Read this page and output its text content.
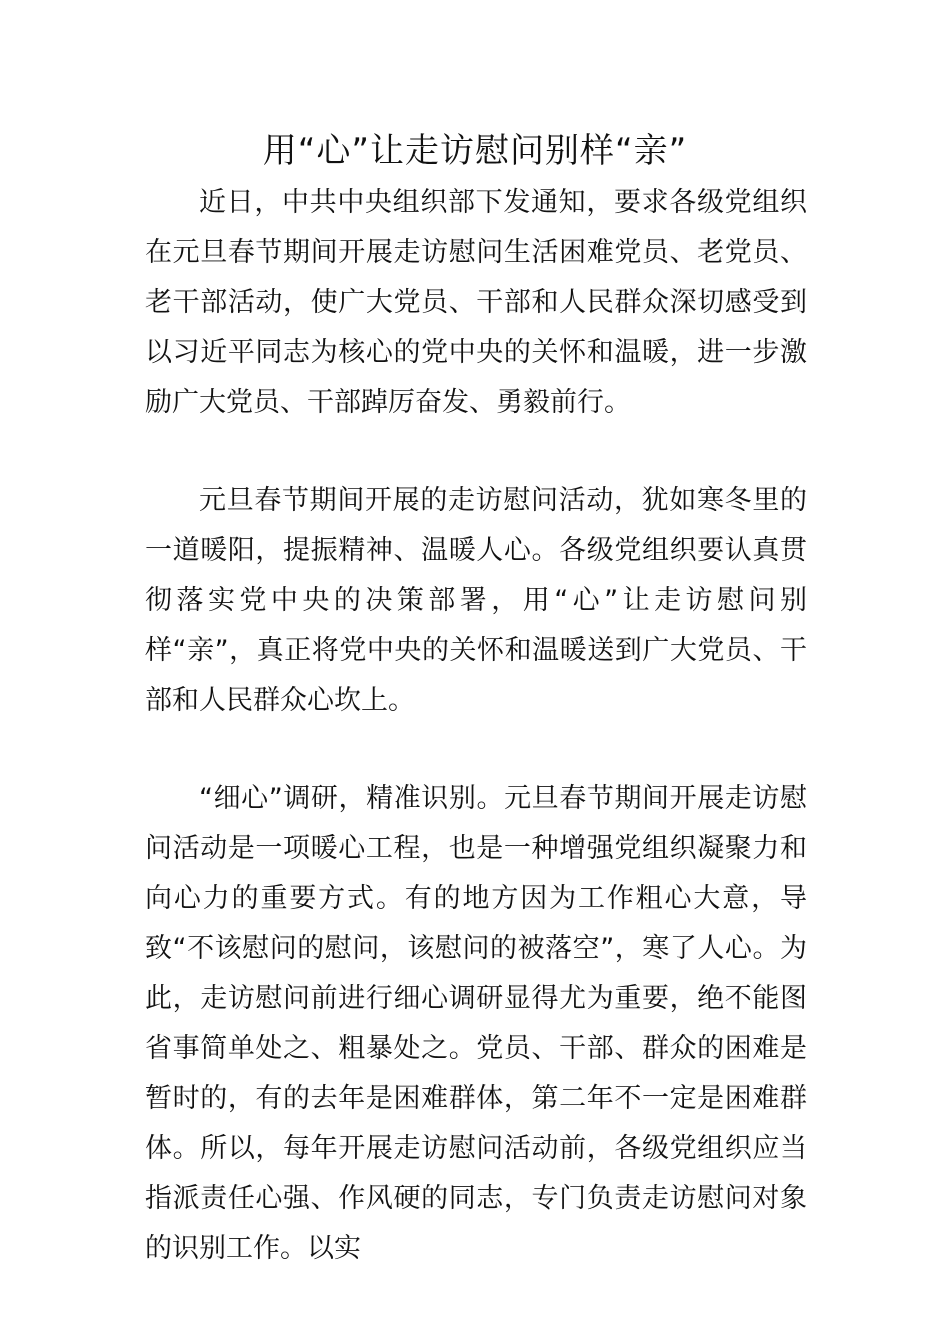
用“心”让走访慰问别样“亲”

近日，中共中央组织部下发通知，要求各级党组织在元旦春节期间开展走访慰问生活困难党员、老党员、老干部活动，使广大党员、干部和人民群众深切感受到以习近平同志为核心的党中央的关怀和温暖，进一步激励广大党员、干部踔厉奋发、勇毅前行。

元旦春节期间开展的走访慰问活动，犹如寒冬里的一道暖阳，提振精神、温暖人心。各级党组织要认真贯彻落实党中央的决策部署，用“心”让走访慰问别样“亲”，真正将党中央的关怀和温暖送到广大党员、干部和人民群众心坎上。

“细心”调研，精准识别。元旦春节期间开展走访慰问活动是一项暖心工程，也是一种增强党组织凝聚力和向心力的重要方式。有的地方因为工作粗心大意，导致“不该慰问的慰问，该慰问的被落空”，寒了人心。为此，走访慰问前进行细心调研显得尤为重要，绝不能图省事简单处之、粗暴处之。党员、干部、群众的困难是暂时的，有的去年是困难群体，第二年不一定是困难群体。所以，每年开展走访慰问活动前，各级党组织应当指派责任心强、作风硬的同志，专门负责走访慰问对象的识别工作。以实
